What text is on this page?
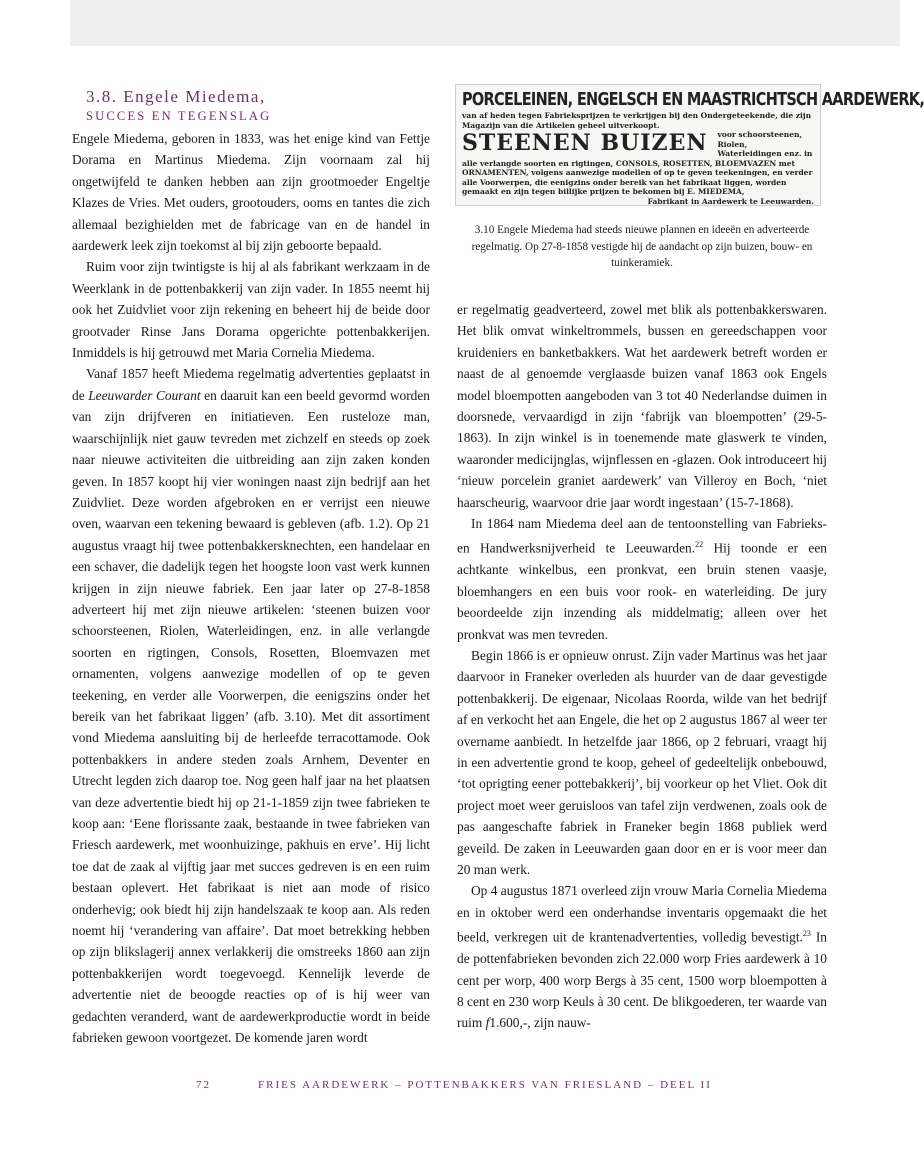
3.8. Engele Miedema,
SUCCES EN TEGENSLAG

Engele Miedema, geboren in 1833, was het enige kind van Fettje Dorama en Martinus Miedema. Zijn voornaam zal hij ongetwijfeld te danken hebben aan zijn grootmoeder Engeltje Klazes de Vries. Met ouders, grootouders, ooms en tantes die zich allemaal bezighielden met de fabricage van en de handel in aardewerk leek zijn toekomst al bij zijn geboorte bepaald.

Ruim voor zijn twintigste is hij al als fabrikant werkzaam in de Weerklank in de pottenbakkerij van zijn vader. In 1855 neemt hij ook het Zuidvliet voor zijn rekening en beheert hij de beide door grootvader Rinse Jans Dorama opgerichte pottenbakkerijen. Inmiddels is hij getrouwd met Maria Cornelia Miedema.

Vanaf 1857 heeft Miedema regelmatig advertenties geplaatst in de Leeuwarder Courant en daaruit kan een beeld gevormd worden van zijn drijfveren en initiatieven. Een rusteloze man, waarschijnlijk niet gauw tevreden met zichzelf en steeds op zoek naar nieuwe activiteiten die uitbreiding aan zijn zaken konden geven. In 1857 koopt hij vier woningen naast zijn bedrijf aan het Zuidvliet. Deze worden afgebroken en er verrijst een nieuwe oven, waarvan een tekening bewaard is gebleven (afb. 1.2). Op 21 augustus vraagt hij twee pottenbakkersknechten, een handelaar en een schaver, die dadelijk tegen het hoogste loon vast werk kunnen krijgen in zijn nieuwe fabriek. Een jaar later op 27-8-1858 adverteert hij met zijn nieuwe artikelen: ‘steenen buizen voor schoorsteenen, Riolen, Waterleidingen, enz. in alle verlangde soorten en rigtingen, Consols, Rosetten, Bloemvazen met ornamenten, volgens aanwezige modellen of op te geven teekening, en verder alle Voorwerpen, die eenigszins onder het bereik van het fabrikaat liggen’ (afb. 3.10). Met dit assortiment vond Miedema aansluiting bij de herleefde terracottamode. Ook pottenbakkers in andere steden zoals Arnhem, Deventer en Utrecht legden zich daarop toe. Nog geen half jaar na het plaatsen van deze advertentie biedt hij op 21-1-1859 zijn twee fabrieken te koop aan: ‘Eene florissante zaak, bestaande in twee fabrieken van Friesch aardewerk, met woonhuizinge, pakhuis en erve’. Hij licht toe dat de zaak al vijftig jaar met succes gedreven is en een ruim bestaan oplevert. Het fabrikaat is niet aan mode of risico onderhevig; ook biedt hij zijn handelszaak te koop aan. Als reden noemt hij ‘verandering van affaire’. Dat moet betrekking hebben op zijn blikslagerij annex verlakkerij die omstreeks 1860 aan zijn pottenbakkerijen wordt toegevoegd. Kennelijk leverde de advertentie niet de beoogde reacties op of is hij weer van gedachten veranderd, want de aardewerkproductie wordt in beide fabrieken gewoon voortgezet. De komende jaren wordt

PORCELEINEN, ENGELSCH EN MAASTRICHTSCH AARDEWERK,
van af heden tegen Fabrieksprijzen te verkrijgen bij den Ondergeteekende, die zijn Magazijn van die Artikelen geheel uitverkoopt.
STEENEN BUIZEN	voor schoorsteenen, Riolen, Waterleidingen enz. in alle verlangde soorten en rigtingen, CONSOLS, ROSETTEN, BLOEMVAZEN met ORNAMENTEN, volgens aanwezige modellen of op te geven teekeningen, en verder alle Voorwerpen, die eenigzins onder bereik van het fabrikaat liggen, worden gemaakt en zijn tegen billijke prijzen te bekomen bij E. MIEDEMA,
Fabrikant in Aardewerk te Leeuwarden.
3.10 Engele Miedema had steeds nieuwe plannen en ideeën en adverteerde regelmatig. Op 27-8-1858 vestigde hij de aandacht op zijn buizen, bouw- en tuinkeramiek.

er regelmatig geadverteerd, zowel met blik als pottenbakkerswaren. Het blik omvat winkeltrommels, bussen en gereedschappen voor kruideniers en banketbakkers. Wat het aardewerk betreft worden er naast de al genoemde verglaasde buizen vanaf 1863 ook Engels model bloempotten aangeboden van 3 tot 40 Nederlandse duimen in doorsnede, vervaardigd in zijn ‘fabrijk van bloempotten’ (29-5-1863). In zijn winkel is in toenemende mate glaswerk te vinden, waaronder medicijnglas, wijnflessen en -glazen. Ook introduceert hij ‘nieuw porcelein graniet aardewerk’ van Villeroy en Boch, ‘niet haarscheurig, waarvoor drie jaar wordt ingestaan’ (15-7-1868).

In 1864 nam Miedema deel aan de tentoonstelling van Fabrieks- en Handwerksnijverheid te Leeuwarden.$^{22}$ Hij toonde er een achtkante winkelbus, een pronkvat, een bruin stenen vaasje, bloemhangers en een buis voor rook- en waterleiding. De jury beoordeelde zijn inzending als middelmatig; alleen over het pronkvat was men tevreden.

Begin 1866 is er opnieuw onrust. Zijn vader Martinus was het jaar daarvoor in Franeker overleden als huurder van de daar gevestigde pottenbakkerij. De eigenaar, Nicolaas Roorda, wilde van het bedrijf af en verkocht het aan Engele, die het op 2 augustus 1867 al weer ter overname aanbiedt. In hetzelfde jaar 1866, op 2 februari, vraagt hij in een advertentie grond te koop, geheel of gedeeltelijk onbebouwd, ‘tot oprigting eener pottebakkerij’, bij voorkeur op het Vliet. Ook dit project moet weer geruisloos van tafel zijn verdwenen, zoals ook de pas aangeschafte fabriek in Franeker begin 1868 publiek werd geveild. De zaken in Leeuwarden gaan door en er is voor meer dan 20 man werk.

Op 4 augustus 1871 overleed zijn vrouw Maria Cornelia Miedema en in oktober werd een onderhandse inventaris opgemaakt die het beeld, verkregen uit de krantenadvertenties, volledig bevestigt.$^{23}$ In de pottenfabrieken bevonden zich 22.000 worp Fries aardewerk à 10 cent per worp, 400 worp Bergs à 35 cent, 1500 worp bloempotten à 8 cent en 230 worp Keuls à 30 cent. De blikgoederen, ter waarde van ruim f1.600,-, zijn nauw-

72	FRIES AARDEWERK – POTTENBAKKERS VAN FRIESLAND – DEEL II
